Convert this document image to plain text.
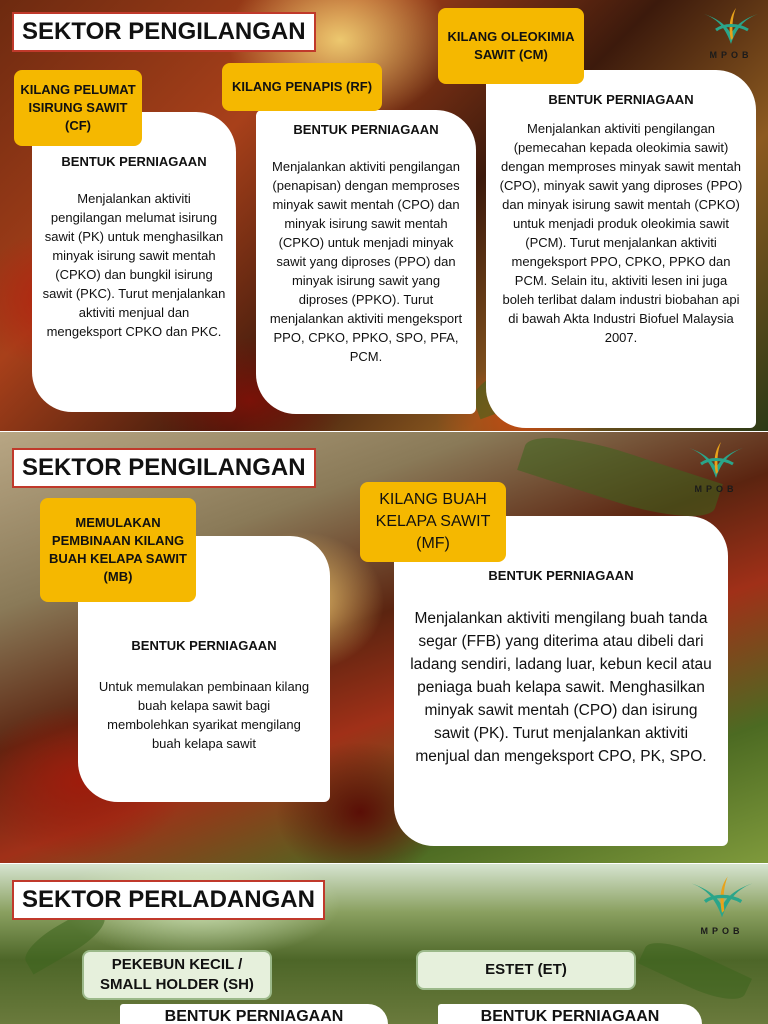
SEKTOR PENGILANGAN
MPOB
BENTUK PERNIAGAAN
Menjalankan aktiviti pengilangan melumat isirung sawit (PK) untuk menghasilkan minyak isirung sawit mentah (CPKO) dan bungkil isirung sawit (PKC). Turut menjalankan aktiviti menjual dan mengeksport CPKO dan PKC.
KILANG PELUMAT ISIRUNG SAWIT (CF)	BENTUK PERNIAGAAN
Menjalankan aktiviti pengilangan (penapisan) dengan memproses minyak sawit mentah (CPO) dan minyak isirung sawit mentah (CPKO) untuk menjadi minyak sawit yang diproses (PPO) dan minyak isirung sawit yang diproses (PPKO). Turut menjalankan aktiviti mengeksport PPO, CPKO, PPKO, SPO, PFA, PCM.
KILANG PENAPIS (RF)
BENTUK PERNIAGAAN
Menjalankan aktiviti pengilangan (pemecahan kepada oleokimia sawit) dengan memproses minyak sawit mentah (CPO), minyak sawit yang diproses (PPO) dan minyak isirung sawit mentah (CPKO) untuk menjadi produk oleokimia sawit (PCM). Turut menjalankan aktiviti mengeksport PPO, CPKO, PPKO dan PCM. Selain itu, aktiviti lesen ini juga boleh terlibat dalam industri biobahan api di bawah Akta Industri Biofuel Malaysia 2007.
KILANG OLEOKIMIA SAWIT (CM)
SEKTOR PENGILANGAN
MPOB
BENTUK PERNIAGAAN
Untuk memulakan pembinaan kilang buah kelapa sawit bagi membolehkan syarikat mengilang buah kelapa sawit
MEMULAKAN PEMBINAAN KILANG BUAH KELAPA SAWIT (MB)	BENTUK PERNIAGAAN
Menjalankan aktiviti mengilang buah tanda segar (FFB) yang diterima atau dibeli dari ladang sendiri, ladang luar, kebun kecil atau peniaga buah kelapa sawit. Menghasilkan minyak sawit mentah (CPO) dan isirung sawit (PK). Turut menjalankan aktiviti menjual dan mengeksport CPO, PK, SPO.
KILANG BUAH KELAPA SAWIT (MF)
SEKTOR PERLADANGAN
MPOB
BENTUK PERNIAGAAN
PEKEBUN KECIL / SMALL HOLDER (SH)
BENTUK PERNIAGAAN
ESTET (ET)
